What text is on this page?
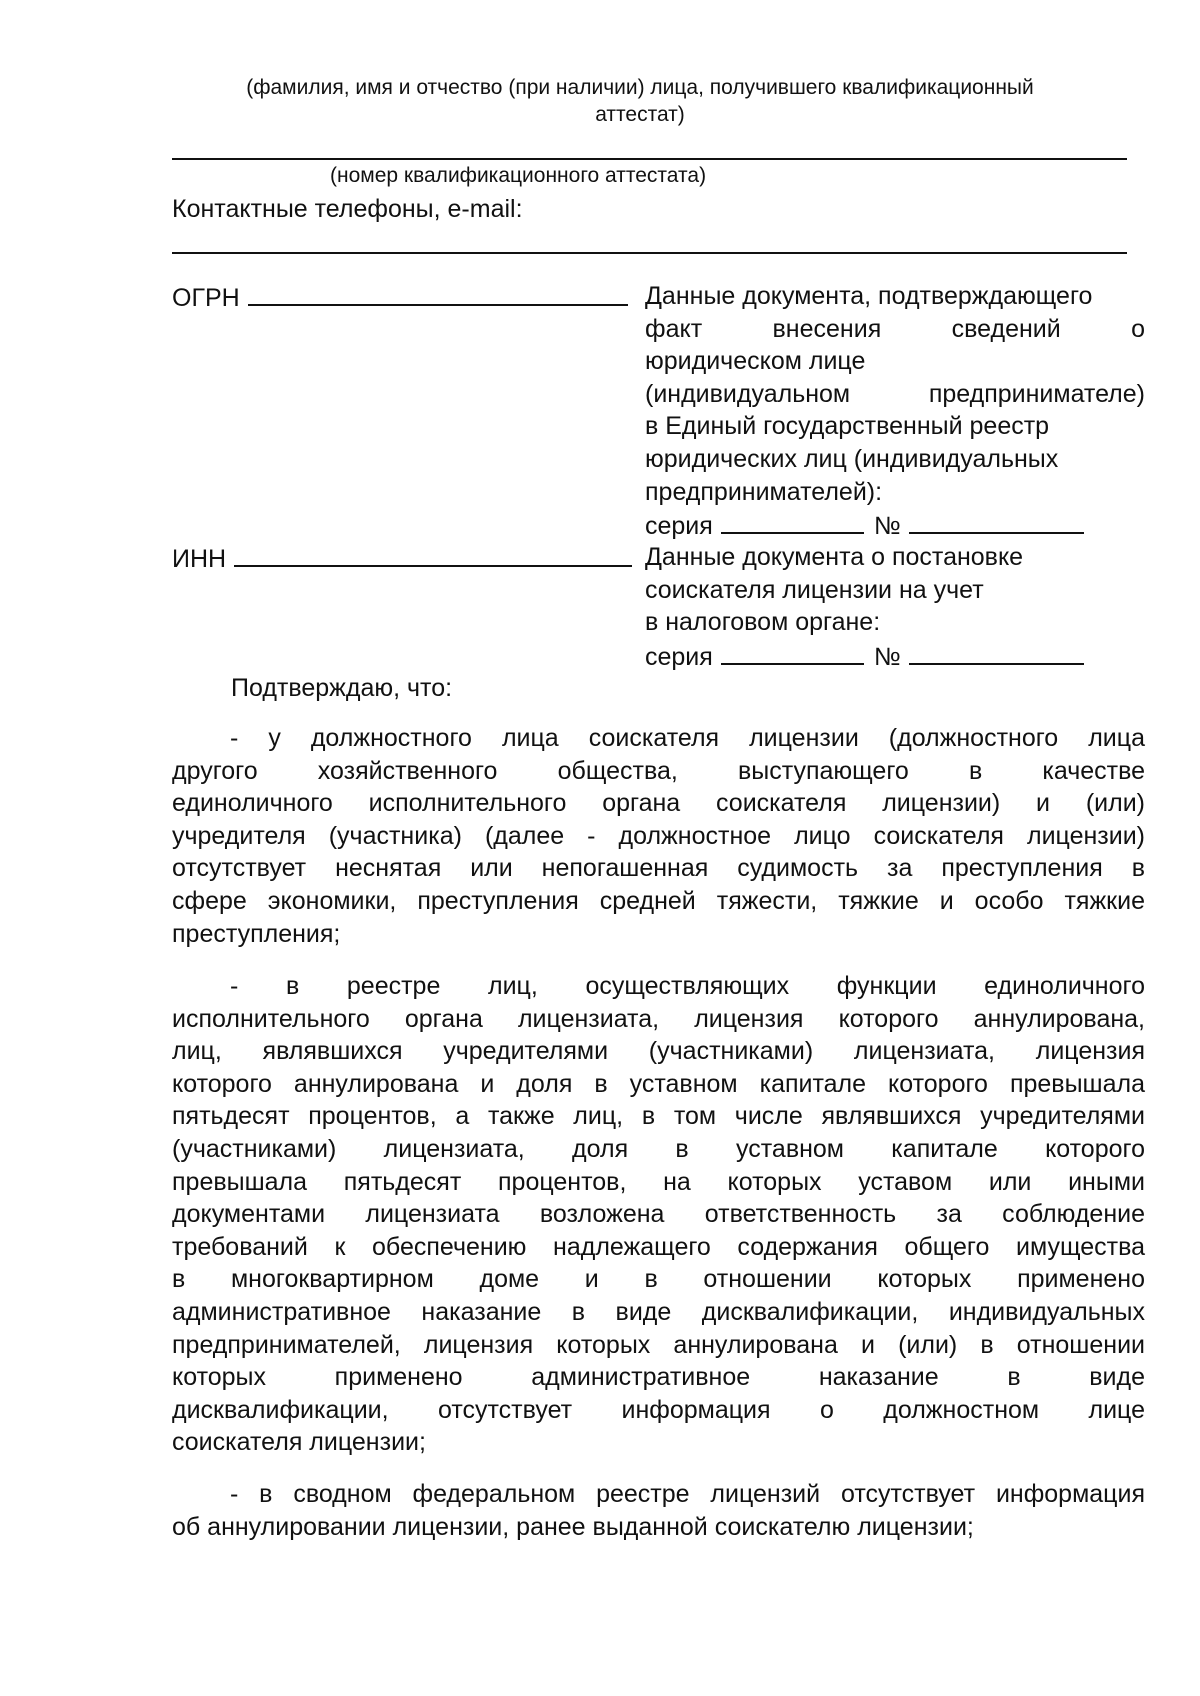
(фамилия, имя и отчество (при наличии) лица, получившего квалификационный
аттестат)
(номер квалификационного аттестата)
Контактные телефоны, e-mail:
ОГРН	Данные документа, подтверждающего
факт внесения сведений о
юридическом лице
(индивидуальном предпринимателе)
в Единый государственный реестр
юридических лиц (индивидуальных
предпринимателей):
серия	№
ИНН	Данные документа о постановке
соискателя лицензии на учет
в налоговом органе:
серия	№
Подтверждаю, что:
- у должностного лица соискателя лицензии (должностного лица
другого хозяйственного общества, выступающего в качестве
единоличного исполнительного органа соискателя лицензии) и (или)
учредителя (участника) (далее - должностное лицо соискателя лицензии)
отсутствует неснятая или непогашенная судимость за преступления в
сфере экономики, преступления средней тяжести, тяжкие и особо тяжкие
преступления;
- в реестре лиц, осуществляющих функции единоличного
исполнительного органа лицензиата, лицензия которого аннулирована,
лиц, являвшихся учредителями (участниками) лицензиата, лицензия
которого аннулирована и доля в уставном капитале которого превышала
пятьдесят процентов, а также лиц, в том числе являвшихся учредителями
(участниками) лицензиата, доля в уставном капитале которого
превышала пятьдесят процентов, на которых уставом или иными
документами лицензиата возложена ответственность за соблюдение
требований к обеспечению надлежащего содержания общего имущества
в многоквартирном доме и в отношении которых применено
административное наказание в виде дисквалификации, индивидуальных
предпринимателей, лицензия которых аннулирована и (или) в отношении
которых применено административное наказание в виде
дисквалификации, отсутствует информация о должностном лице
соискателя лицензии;
- в сводном федеральном реестре лицензий отсутствует информация
об аннулировании лицензии, ранее выданной соискателю лицензии;
